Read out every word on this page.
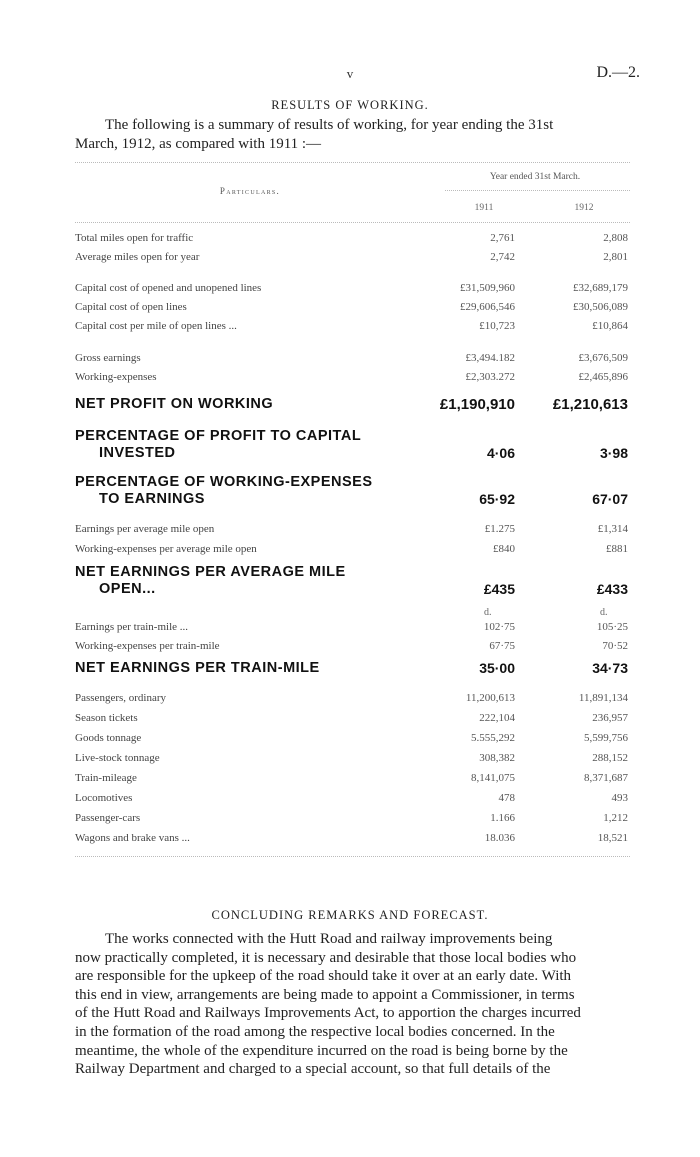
v	D.—2.
RESULTS OF WORKING.
The following is a summary of results of working, for year ending the 31st
March, 1912, as compared with 1911 :—
Particulars.
Year ended 31st March.
1911	1912
Total miles open for traffic	2,761	2,808
Average miles open for year	2,742	2,801
Capital cost of opened and unopened lines	£31,509,960	£32,689,179
Capital cost of open lines	£29,606,546	£30,506,089
Capital cost per mile of open lines ...	£10,723	£10,864
Gross earnings	£3,494.182	£3,676,509
Working-expenses	£2,303.272	£2,465,896
NET PROFIT ON WORKING	£1,190,910	£1,210,613
PERCENTAGE OF PROFIT TO CAPITAL
INVESTED	4·06	3·98
PERCENTAGE OF WORKING-EXPENSES
TO EARNINGS	65·92	67·07
Earnings per average mile open	£1.275	£1,314
Working-expenses per average mile open	£840	£881
NET EARNINGS PER AVERAGE MILE
OPEN...	£435	£433
d.	d.
Earnings per train-mile ...	102·75	105·25
Working-expenses per train-mile	67·75	70·52
NET EARNINGS PER TRAIN-MILE	35·00	34·73
Passengers, ordinary	11,200,613	11,891,134
Season tickets	222,104	236,957
Goods tonnage	5.555,292	5,599,756
Live-stock tonnage	308,382	288,152
Train-mileage	8,141,075	8,371,687
Locomotives	478	493
Passenger-cars	1.166	1,212
Wagons and brake vans ...	18.036	18,521
CONCLUDING REMARKS AND FORECAST.
The works connected with the Hutt Road and railway improvements being
now practically completed, it is necessary and desirable that those local bodies who
are responsible for the upkeep of the road should take it over at an early date. With
this end in view, arrangements are being made to appoint a Commissioner, in terms
of the Hutt Road and Railways Improvements Act, to apportion the charges incurred
in the formation of the road among the respective local bodies concerned. In the
meantime, the whole of the expenditure incurred on the road is being borne by the
Railway Department and charged to a special account, so that full details of the
